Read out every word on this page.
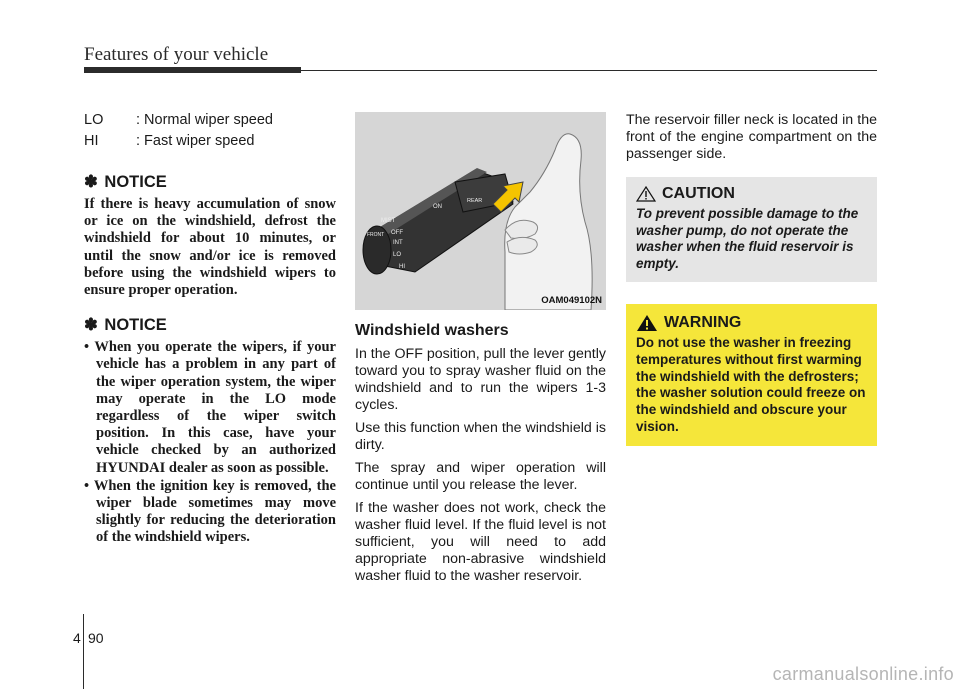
Features of your vehicle
LO	: Normal wiper speed
HI	: Fast wiper speed
✽ NOTICE

If there is heavy accumulation of snow or ice on the windshield, defrost the windshield for about 10 minutes, or until the snow and/or ice is removed before using the windshield wipers to ensure proper operation.

✽ NOTICE

• When you operate the wipers, if your vehicle has a problem in any part of the wiper operation system, the wiper may operate in the LO mode regardless of the wiper switch position. In this case, have your vehicle checked by an authorized HYUNDAI dealer as soon as possible.

• When the ignition key is removed, the wiper blade sometimes may move slightly for reducing the deterioration of the windshield wipers.

MIST
FRONT OFF
INT
LO
HI
ON
REAR
OAM049102N
Windshield washers

In the OFF position, pull the lever gently toward you to spray washer fluid on the windshield and to run the wipers 1-3 cycles.

Use this function when the windshield is dirty.

The spray and wiper operation will continue until you release the lever.

If the washer does not work, check the washer fluid level. If the fluid level is not sufficient, you will need to add appropriate non-abrasive windshield washer fluid to the washer reservoir.

The reservoir filler neck is located in the front of the engine compartment on the passenger side.

CAUTION

To prevent possible damage to the washer pump, do not operate the washer when the fluid reservoir is empty.

WARNING

Do not use the washer in freezing temperatures without first warming the windshield with the defrosters; the washer solution could freeze on the windshield and obscure your vision.

4 90
carmanualsonline.info
